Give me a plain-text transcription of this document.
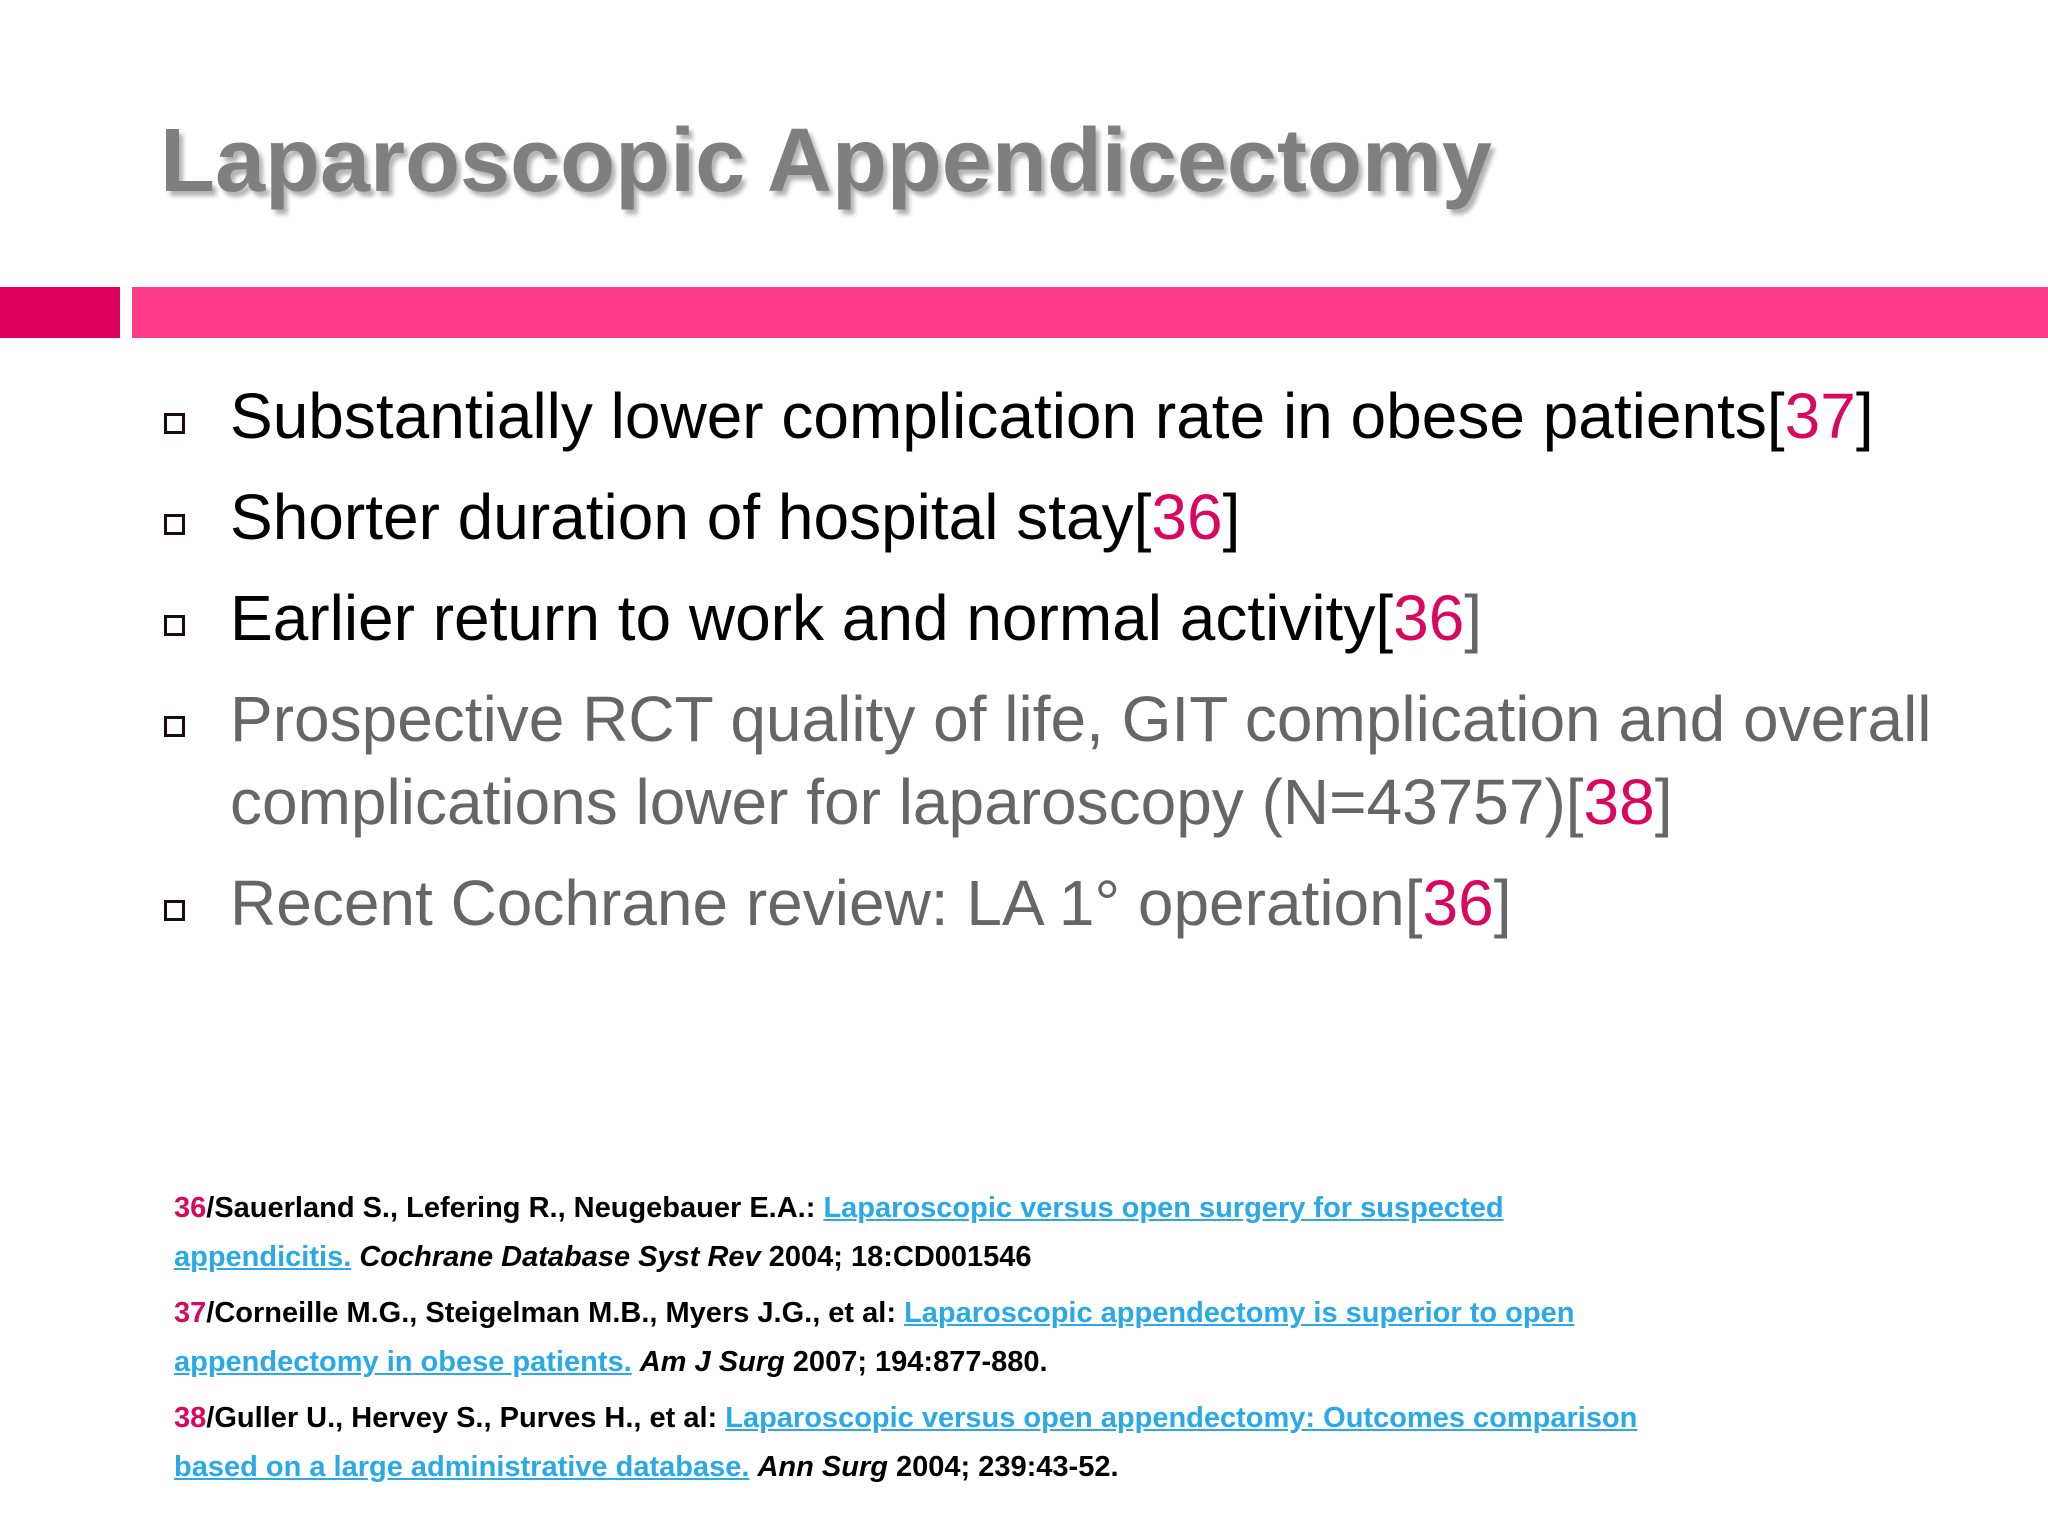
Laparoscopic Appendicectomy
Substantially lower complication rate in obese patients[37]
Shorter duration of hospital stay[36]
Earlier return to work and normal activity[36]
Prospective RCT quality of life, GIT complication and overall complications lower for laparoscopy (N=43757)[38]
Recent Cochrane review: LA 1° operation[36]
36/Sauerland S., Lefering R., Neugebauer E.A.: Laparoscopic versus open surgery for suspected
appendicitis. Cochrane Database Syst Rev 2004; 18:CD001546
37/Corneille M.G., Steigelman M.B., Myers J.G., et al: Laparoscopic appendectomy is superior to open
appendectomy in obese patients. Am J Surg 2007; 194:877-880.
38/Guller U., Hervey S., Purves H., et al: Laparoscopic versus open appendectomy: Outcomes comparison
based on a large administrative database. Ann Surg 2004; 239:43-52.
